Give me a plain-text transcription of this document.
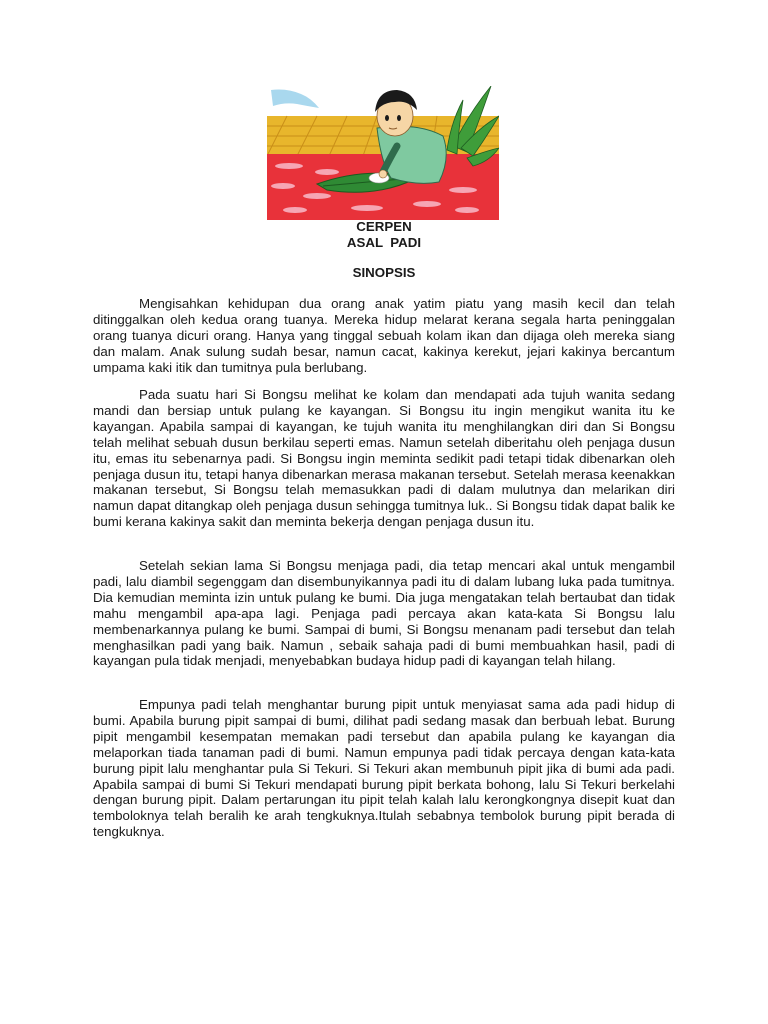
CERPEN
ASAL  PADI
SINOPSIS

Mengisahkan kehidupan dua orang anak yatim piatu yang masih kecil dan telah ditinggalkan oleh kedua orang tuanya. Mereka hidup melarat kerana segala harta peninggalan orang tuanya dicuri orang. Hanya yang tinggal sebuah kolam ikan dan dijaga oleh mereka siang dan malam. Anak sulung sudah besar, namun cacat, kakinya kerekut, jejari kakinya bercantum umpama kaki itik dan tumitnya pula berlubang.

Pada suatu hari Si Bongsu melihat ke kolam dan mendapati ada tujuh wanita sedang mandi dan bersiap untuk pulang ke kayangan. Si Bongsu itu ingin mengikut wanita itu ke kayangan. Apabila sampai di kayangan, ke tujuh wanita itu menghilangkan diri dan Si Bongsu telah melihat sebuah dusun berkilau seperti emas. Namun setelah diberitahu oleh penjaga dusun itu, emas itu sebenarnya padi. Si Bongsu ingin meminta sedikit padi tetapi tidak dibenarkan oleh penjaga dusun itu, tetapi hanya dibenarkan merasa makanan tersebut. Setelah merasa keenakkan makanan tersebut, Si Bongsu telah memasukkan padi di dalam mulutnya dan melarikan diri namun dapat ditangkap oleh penjaga dusun sehingga tumitnya luk.. Si Bongsu tidak dapat balik ke bumi kerana kakinya sakit dan meminta bekerja dengan penjaga dusun itu.

Setelah sekian lama Si Bongsu menjaga padi, dia tetap mencari akal untuk mengambil padi, lalu diambil segenggam dan disembunyikannya padi itu di dalam lubang luka pada tumitnya. Dia kemudian meminta izin untuk pulang ke bumi. Dia juga mengatakan telah bertaubat dan tidak mahu mengambil apa-apa lagi. Penjaga padi percaya akan kata-kata Si Bongsu lalu membenarkannya pulang ke bumi. Sampai di bumi, Si Bongsu menanam padi tersebut dan telah menghasilkan padi yang baik. Namun , sebaik sahaja padi di bumi membuahkan hasil, padi di kayangan pula tidak menjadi, menyebabkan budaya hidup padi di kayangan telah hilang.

Empunya padi telah menghantar burung pipit untuk menyiasat sama ada padi hidup di bumi. Apabila burung pipit sampai di bumi, dilihat padi sedang masak dan berbuah lebat. Burung pipit mengambil kesempatan memakan padi tersebut dan apabila pulang ke kayangan dia melaporkan tiada tanaman padi di bumi. Namun empunya padi tidak percaya dengan kata-kata burung pipit lalu menghantar pula Si Tekuri. Si Tekuri akan membunuh pipit jika di bumi ada padi. Apabila sampai di bumi Si Tekuri mendapati burung pipit berkata bohong, lalu Si Tekuri berkelahi dengan burung pipit. Dalam pertarungan itu pipit telah kalah lalu kerongkongnya disepit kuat dan temboloknya telah beralih ke arah tengkuknya.Itulah sebabnya tembolok burung pipit berada di tengkuknya.
